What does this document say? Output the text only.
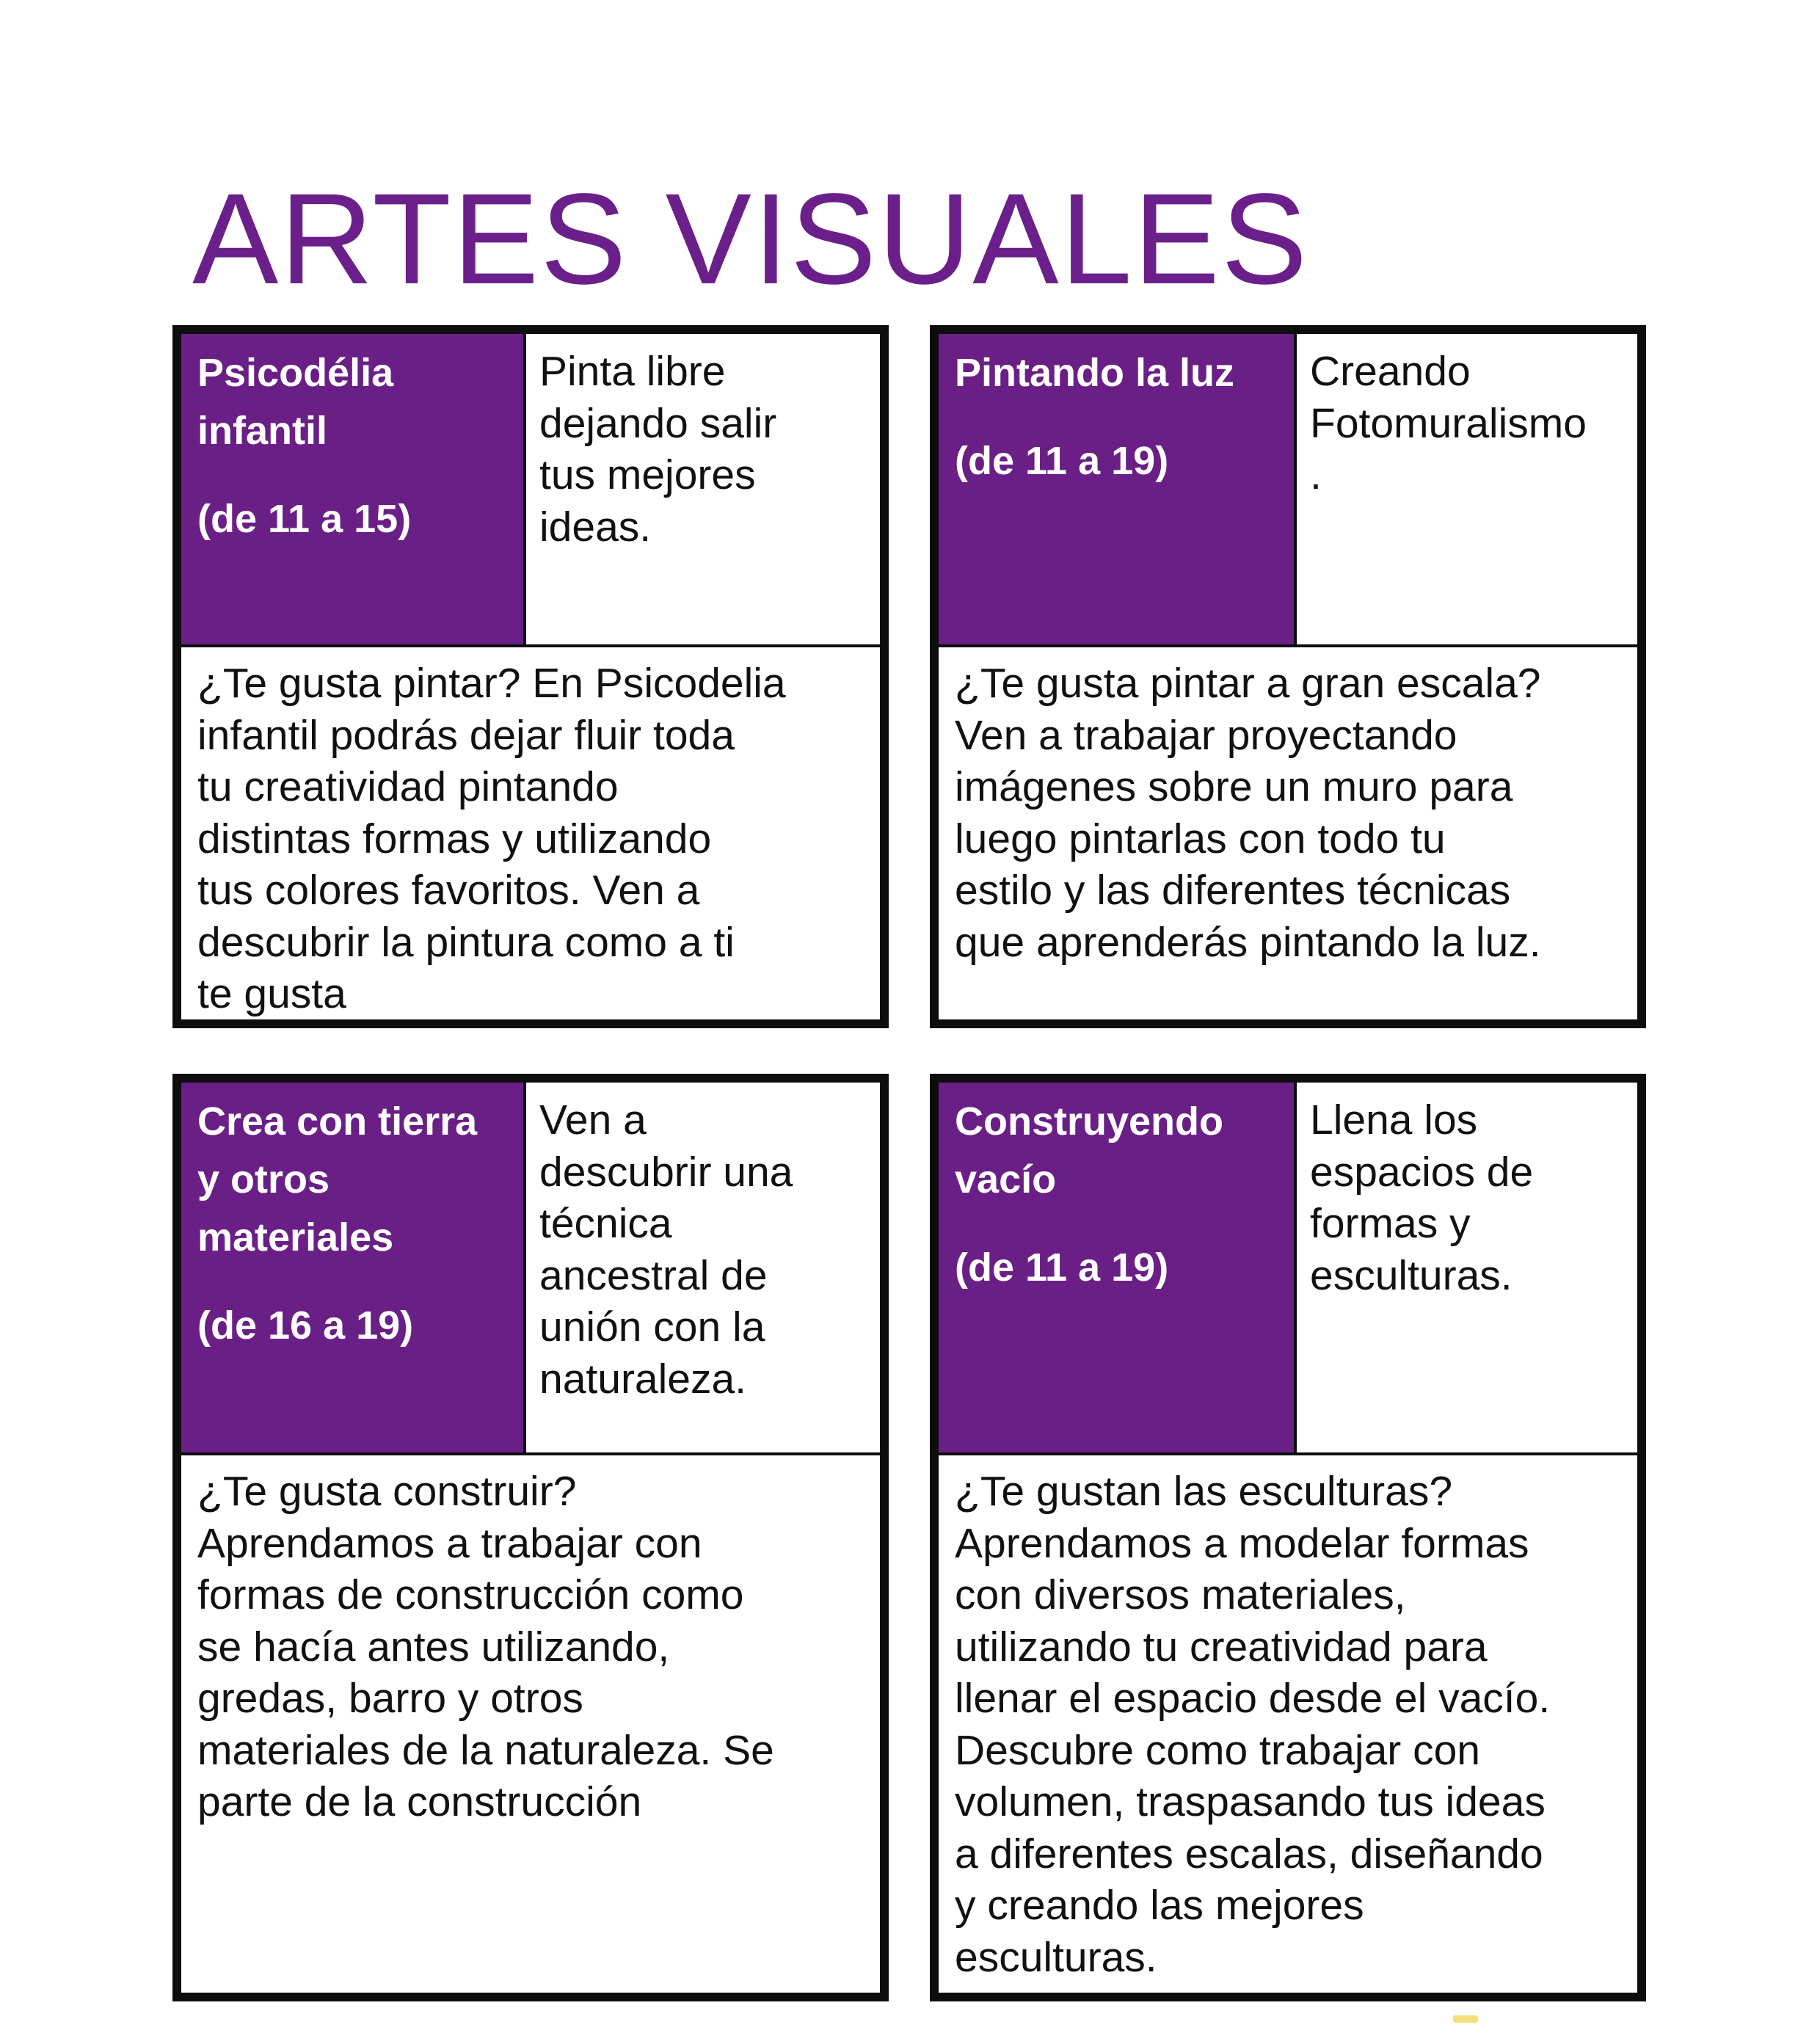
ARTES VISUALES
Psicodélia
infantil
(de 11 a 15)
Pinta libre
dejando salir
tus mejores
ideas.
¿Te gusta pintar? En Psicodelia
infantil podrás dejar fluir toda
tu creatividad pintando
distintas formas y utilizando
tus colores favoritos. Ven a
descubrir la pintura como a ti
te gusta
Pintando la luz
(de 11 a 19)
Creando
Fotomuralismo
.
¿Te gusta pintar a gran escala?
Ven a trabajar proyectando
imágenes sobre un muro para
luego pintarlas con todo tu
estilo y las diferentes técnicas
que aprenderás pintando la luz.
Crea con tierra
y otros
materiales
(de 16 a 19)
Ven a
descubrir una
técnica
ancestral de
unión con la
naturaleza.
¿Te gusta construir?
Aprendamos a trabajar con
formas de construcción como
se hacía antes utilizando,
gredas, barro y otros
materiales de la naturaleza. Se
parte de la construcción
Construyendo
vacío
(de 11 a 19)
Llena los
espacios de
formas y
esculturas.
¿Te gustan las esculturas?
Aprendamos a modelar formas
con diversos materiales,
utilizando tu creatividad para
llenar el espacio desde el vacío.
Descubre como trabajar con
volumen, traspasando tus ideas
a diferentes escalas, diseñando
y creando las mejores
esculturas.
